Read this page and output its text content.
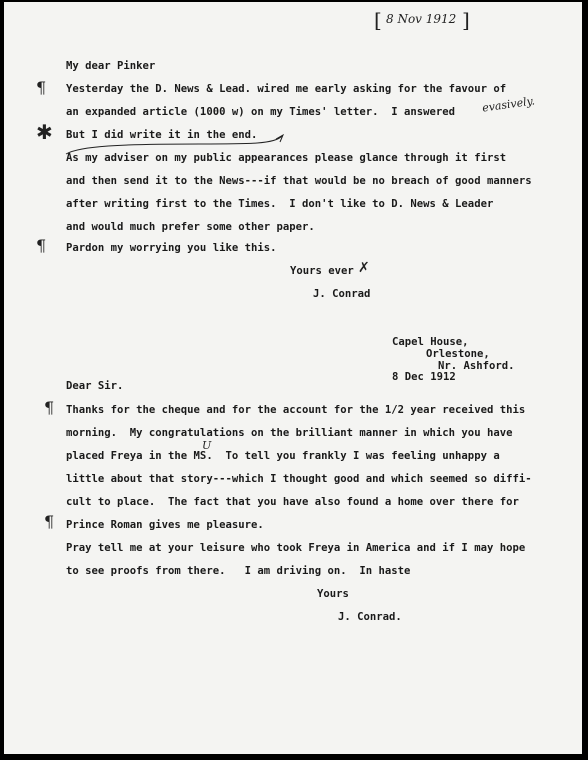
[ 8 Nov 1912 ]
My dear Pinker
¶ Yesterday the D. News & Lead. wired me early asking for the favour of
an expanded article (1000 w) on my Times' letter.  I answered evasively.
✱ But I did write it in the end.
As my adviser on my public appearances please glance through it first
and then send it to the News---if that would be no breach of good manners
after writing first to the Times.  I don't like to D. News & Leader
and would much prefer some other paper.
¶ Pardon my worrying you like this.
Yours ever ✗
J. Conrad
Capel House,
Orlestone,
Nr. Ashford.
8 Dec 1912
Dear Sir.
¶ Thanks for the cheque and for the account for the 1/2 year received this
morning.  My congratulations on the brilliant manner in which you have
U
placed Freya in the MS.  To tell you frankly I was feeling unhappy a
little about that story---which I thought good and which seemed so diffi-
cult to place.  The fact that you have also found a home over there for
¶ Prince Roman gives me pleasure.
Pray tell me at your leisure who took Freya in America and if I may hope
to see proofs from there.   I am driving on.  In haste
Yours
J. Conrad.
